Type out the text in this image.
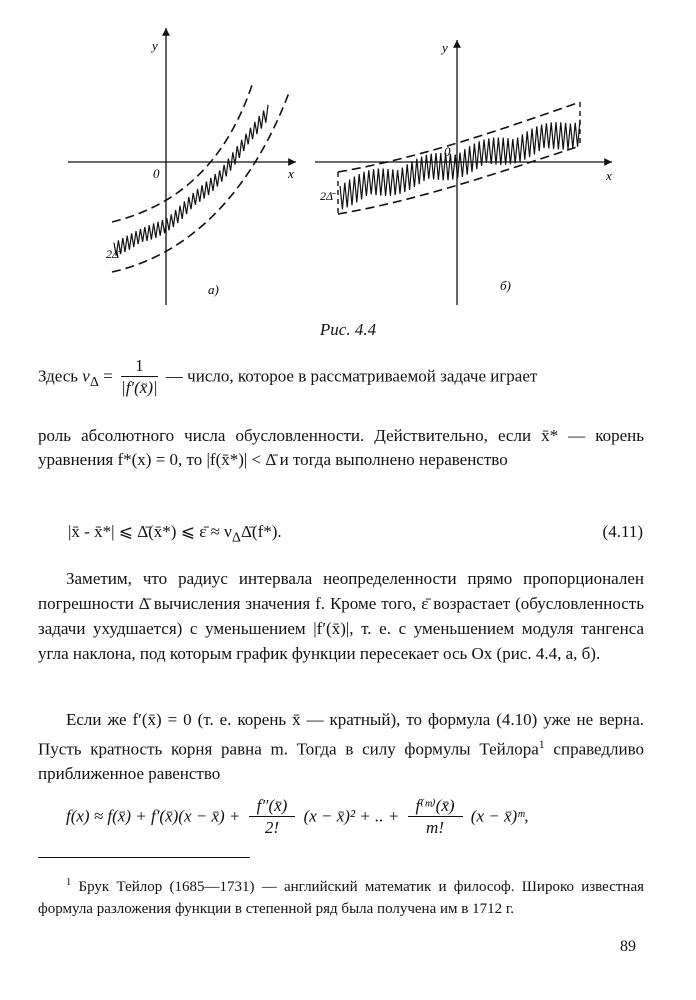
y
x
0
2Δ̄
а)
y
x
0
2Δ̄
б)
Рис. 4.4
Здесь $\nu_\Delta = \frac{1}{|f'(x̄)|}$ — число, которое в рассматриваемой задаче играет
роль абсолютного числа обусловленности. Действительно, если x̄* — корень уравнения f*(x) = 0, то |f(x̄*)| < Δ̄ и тогда выполнено неравенство
|x̄ - x̄*| ⩽ Δ̄(x̄*) ⩽ ε̄ ≈ $\nu_\Delta\Deltā(f*)$.	(4.11)
Заметим, что радиус интервала неопределенности прямо пропорционален погрешности Δ̄ вычисления значения f. Кроме того, ε̄ возрастает (обусловленность задачи ухудшается) с уменьшением |f′(x̄)|, т. е. с уменьшением модуля тангенса угла наклона, под которым график функции пересекает ось Ox (рис. 4.4, а, б).
Если же f′(x̄) = 0 (т. е. корень x̄ — кратный), то формула (4.10) уже не верна. Пусть кратность корня равна m. Тогда в силу формулы Тейлора$^1$ справедливо приближенное равенство
f(x) ≈ f(x̄) + f′(x̄)(x − x̄) + $\frac{f''(x̄)}{2!} (x$ − x̄)² + .. + $\frac{\text{f⁽ᵐ⁾(x̄)}}{m!} (x$ − x̄)ᵐ,
$^1$ Брук Тейлор (1685—1731) — английский математик и философ. Широко известная формула разложения функции в степенной ряд была получена им в 1712 г.
89
